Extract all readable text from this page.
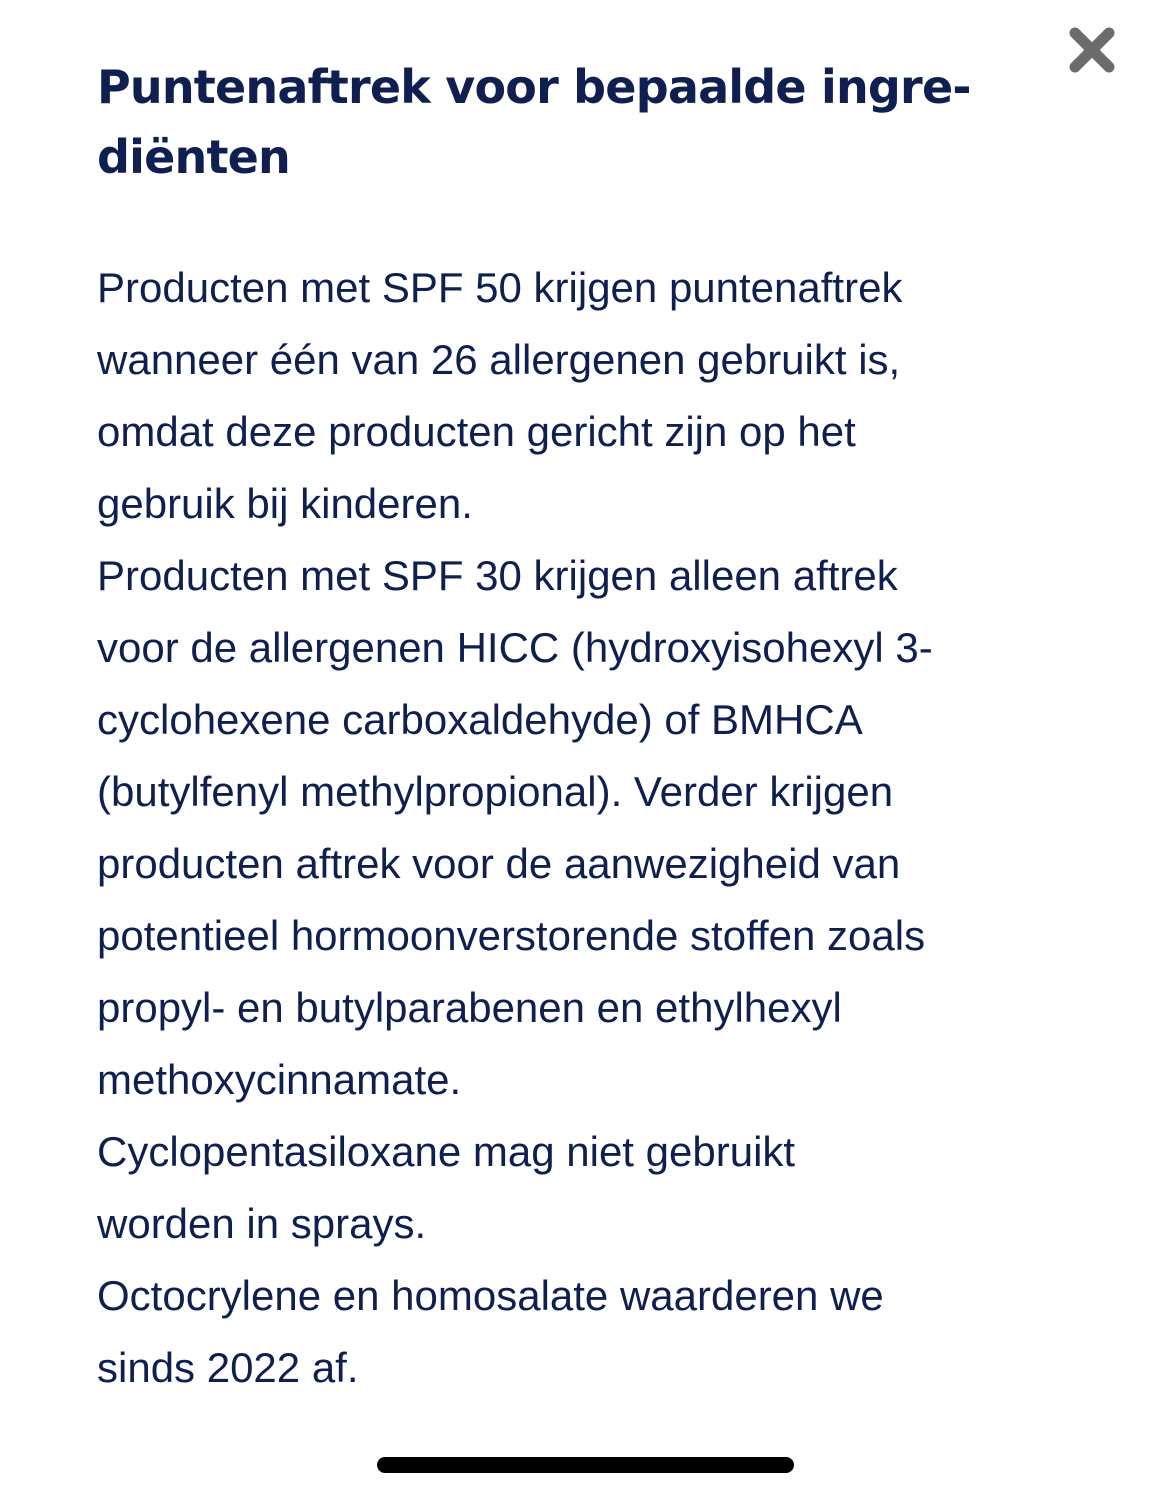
Puntenaftrek voor bepaalde ingre-
diënten
Producten met SPF 50 krijgen puntenaftrek
wanneer één van 26 allergenen gebruikt is,
omdat deze producten gericht zijn op het
gebruik bij kinderen.
Producten met SPF 30 krijgen alleen aftrek
voor de allergenen HICC (hydroxyisohexyl 3-
cyclohexene carboxaldehyde) of BMHCA
(butylfenyl methylpropional). Verder krijgen
producten aftrek voor de aanwezigheid van
potentieel hormoonverstorende stoffen zoals
propyl- en butylparabenen en ethylhexyl
methoxycinnamate.
Cyclopentasiloxane mag niet gebruikt
worden in sprays.
Octocrylene en homosalate waarderen we
sinds 2022 af.
